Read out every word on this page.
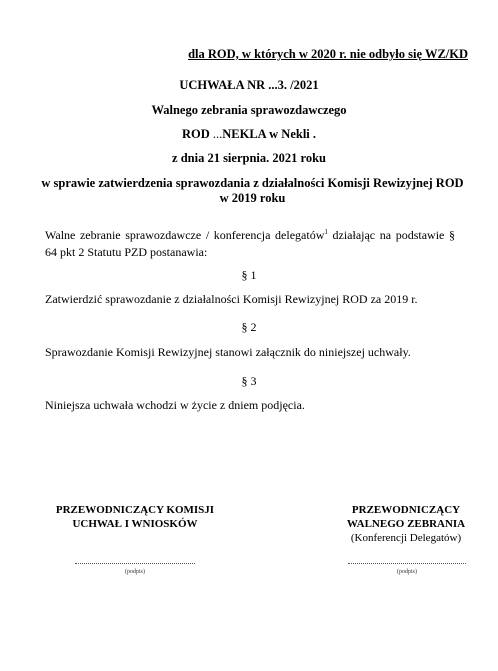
dla ROD, w których w 2020 r. nie odbyło się WZ/KD
UCHWAŁA NR ...3. /2021
Walnego zebrania sprawozdawczego
ROD ...NEKLA w Nekli .
z dnia 21 sierpnia. 2021 roku
w sprawie zatwierdzenia sprawozdania z działalności Komisji Rewizyjnej ROD w 2019 roku
Walne zebranie sprawozdawcze / konferencja delegatów$^1$ działając na podstawie § 64 pkt 2 Statutu PZD postanawia:
§ 1
Zatwierdzić sprawozdanie z działalności Komisji Rewizyjnej ROD za 2019 r.
§ 2
Sprawozdanie Komisji Rewizyjnej stanowi załącznik do niniejszej uchwały.
§ 3
Niniejsza uchwała wchodzi w życie z dniem podjęcia.
PRZEWODNICZĄCY KOMISJI
UCHWAŁ I WNIOSKÓW
PRZEWODNICZĄCY
WALNEGO ZEBRANIA
(Konferencji Delegatów)
(podpis)	(podpis)
